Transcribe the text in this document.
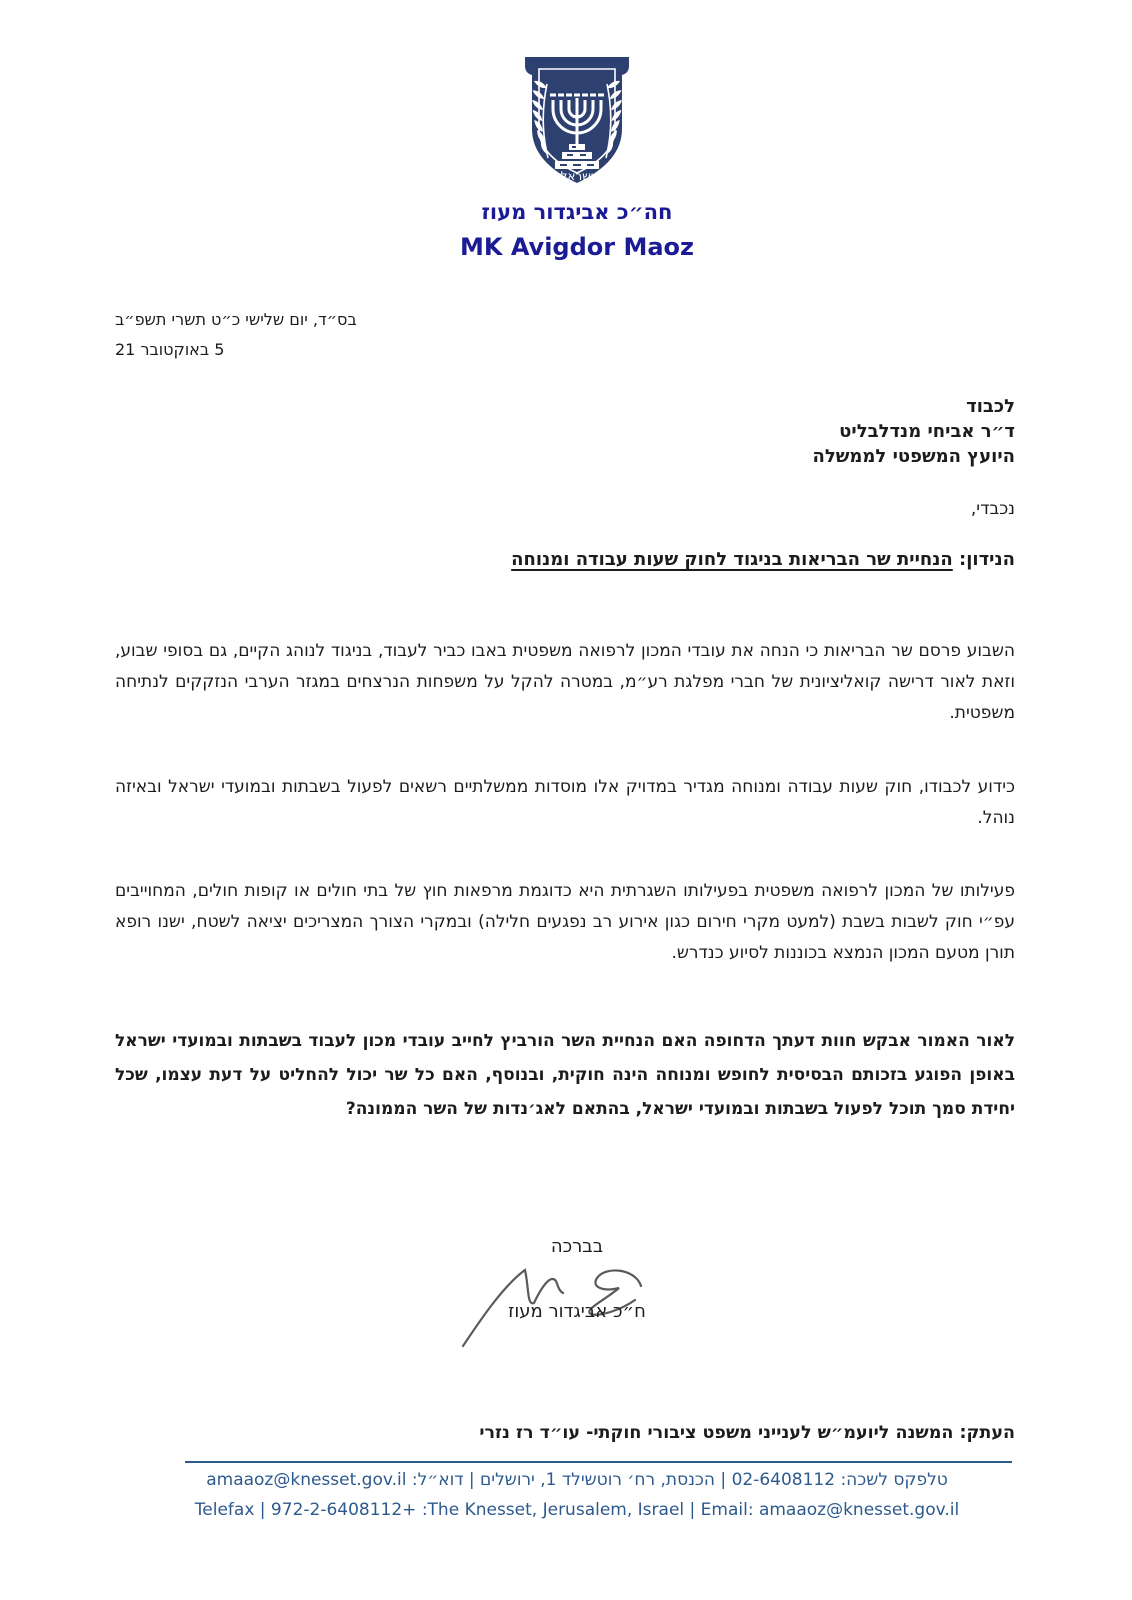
ישראל
חה״כ אביגדור מעוז
MK Avigdor Maoz
בס״ד, יום שלישי כ״ט תשרי תשפ״ב
5 באוקטובר 21
לכבוד
ד״ר אביחי מנדלבליט
היועץ המשפטי לממשלה
נכבדי,
הנידון: הנחיית שר הבריאות בניגוד לחוק שעות עבודה ומנוחה
השבוע פרסם שר הבריאות כי הנחה את עובדי המכון לרפואה משפטית באבו כביר לעבוד, בניגוד לנוהג הקיים, גם בסופי שבוע, וזאת לאור דרישה קואליציונית של חברי מפלגת רע״מ, במטרה להקל על משפחות הנרצחים במגזר הערבי הנזקקים לנתיחה משפטית.
כידוע לכבודו, חוק שעות עבודה ומנוחה מגדיר במדויק אלו מוסדות ממשלתיים רשאים לפעול בשבתות ובמועדי ישראל ובאיזה נוהל.
פעילותו של המכון לרפואה משפטית בפעילותו השגרתית היא כדוגמת מרפאות חוץ של בתי חולים או קופות חולים, המחוייבים עפ״י חוק לשבות בשבת (למעט מקרי חירום כגון אירוע רב נפגעים חלילה) ובמקרי הצורך המצריכים יציאה לשטח, ישנו רופא תורן מטעם המכון הנמצא בכוננות לסיוע כנדרש.
לאור האמור אבקש חוות דעתך הדחופה האם הנחיית השר הורביץ לחייב עובדי מכון לעבוד בשבתות ובמועדי ישראל באופן הפוגע בזכותם הבסיסית לחופש ומנוחה הינה חוקית, ובנוסף, האם כל שר יכול להחליט על דעת עצמו, שכל יחידת סמך תוכל לפעול בשבתות ובמועדי ישראל, בהתאם לאג׳נדות של השר הממונה?
בברכה
ח״כ אביגדור מעוז
העתק: המשנה ליועמ״ש לענייני משפט ציבורי חוקתי- עו״ד רז נזרי
טלפקס לשכה: 02-6408112 | הכנסת, רח׳ רוטשילד 1, ירושלים | דוא״ל: amaaoz@knesset.gov.il
Telefax | 972-2-6408112+ :The Knesset, Jerusalem, Israel | Email: amaaoz@knesset.gov.il
